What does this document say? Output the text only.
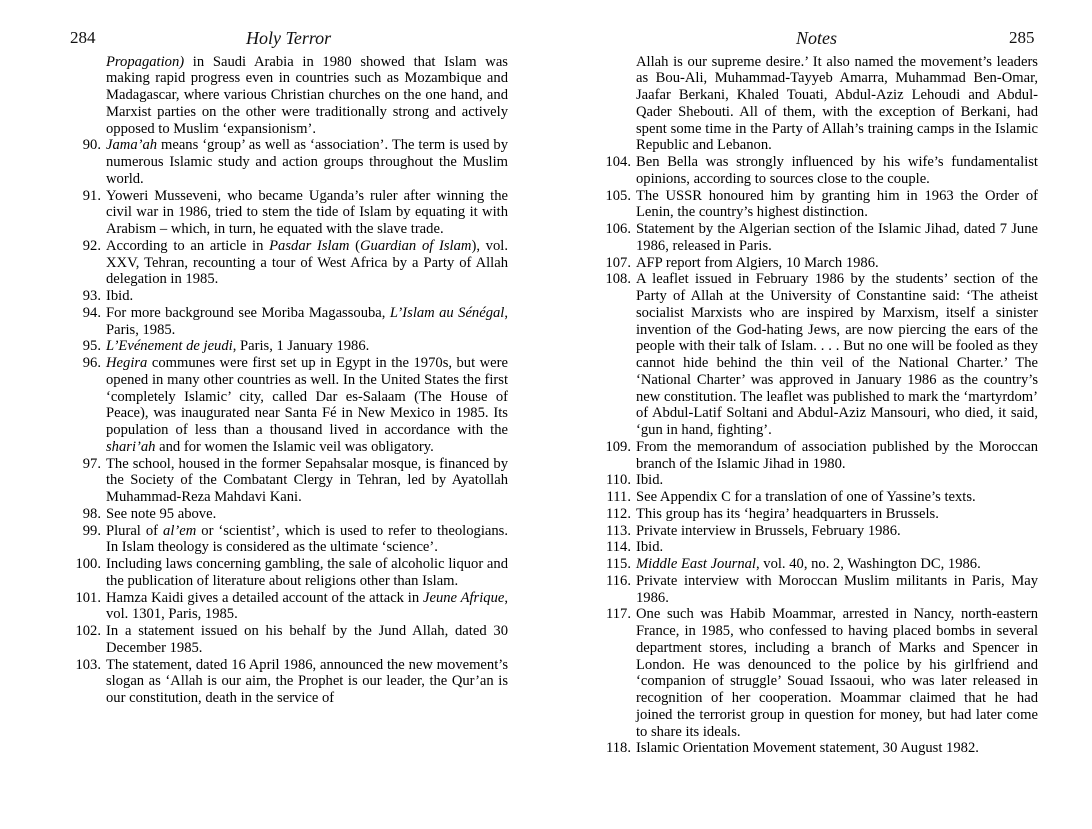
284	Holy Terror	Notes	285

Propagation) in Saudi Arabia in 1980 showed that Islam was making rapid progress even in countries such as Mozambique and Madagascar, where various Christian churches on the one hand, and Marxist parties on the other were traditionally strong and actively opposed to Muslim ‘expansionism’.

90. Jama’ah means ‘group’ as well as ‘association’. The term is used by numerous Islamic study and action groups throughout the Muslim world.

91. Yoweri Musseveni, who became Uganda’s ruler after winning the civil war in 1986, tried to stem the tide of Islam by equating it with Arabism – which, in turn, he equated with the slave trade.

92. According to an article in Pasdar Islam (Guardian of Islam), vol. XXV, Tehran, recounting a tour of West Africa by a Party of Allah delegation in 1985.

93. Ibid.

94. For more background see Moriba Magassouba, L’Islam au Sénégal, Paris, 1985.

95. L’Evénement de jeudi, Paris, 1 January 1986.

96. Hegira communes were first set up in Egypt in the 1970s, but were opened in many other countries as well. In the United States the first ‘completely Islamic’ city, called Dar es-Salaam (The House of Peace), was inaugurated near Santa Fé in New Mexico in 1985. Its population of less than a thousand lived in accordance with the shari’ah and for women the Islamic veil was obligatory.

97. The school, housed in the former Sepahsalar mosque, is financed by the Society of the Combatant Clergy in Tehran, led by Ayatollah Muhammad-Reza Mahdavi Kani.

98. See note 95 above.

99. Plural of al’em or ‘scientist’, which is used to refer to theologians. In Islam theology is considered as the ultimate ‘science’.

100. Including laws concerning gambling, the sale of alcoholic liquor and the publication of literature about religions other than Islam.

101. Hamza Kaidi gives a detailed account of the attack in Jeune Afrique, vol. 1301, Paris, 1985.

102. In a statement issued on his behalf by the Jund Allah, dated 30 December 1985.

103. The statement, dated 16 April 1986, announced the new movement’s slogan as ‘Allah is our aim, the Prophet is our leader, the Qur’an is our constitution, death in the service of

Allah is our supreme desire.’ It also named the movement’s leaders as Bou-Ali, Muhammad-Tayyeb Amarra, Muhammad Ben-Omar, Jaafar Berkani, Khaled Touati, Abdul-Aziz Lehoudi and Abdul-Qader Shebouti. All of them, with the exception of Berkani, had spent some time in the Party of Allah’s training camps in the Islamic Republic and Lebanon.

104. Ben Bella was strongly influenced by his wife’s fundamentalist opinions, according to sources close to the couple.

105. The USSR honoured him by granting him in 1963 the Order of Lenin, the country’s highest distinction.

106. Statement by the Algerian section of the Islamic Jihad, dated 7 June 1986, released in Paris.

107. AFP report from Algiers, 10 March 1986.

108. A leaflet issued in February 1986 by the students’ section of the Party of Allah at the University of Constantine said: ‘The atheist socialist Marxists who are inspired by Marxism, itself a sinister invention of the God-hating Jews, are now piercing the ears of the people with their talk of Islam. . . . But no one will be fooled as they cannot hide behind the thin veil of the National Charter.’ The ‘National Charter’ was approved in January 1986 as the country’s new constitution. The leaflet was published to mark the ‘martyrdom’ of Abdul-Latif Soltani and Abdul-Aziz Mansouri, who died, it said, ‘gun in hand, fighting’.

109. From the memorandum of association published by the Moroccan branch of the Islamic Jihad in 1980.

110. Ibid.

111. See Appendix C for a translation of one of Yassine’s texts.

112. This group has its ‘hegira’ headquarters in Brussels.

113. Private interview in Brussels, February 1986.

114. Ibid.

115. Middle East Journal, vol. 40, no. 2, Washington DC, 1986.

116. Private interview with Moroccan Muslim militants in Paris, May 1986.

117. One such was Habib Moammar, arrested in Nancy, north-eastern France, in 1985, who confessed to having placed bombs in several department stores, including a branch of Marks and Spencer in London. He was denounced to the police by his girlfriend and ‘companion of struggle’ Souad Issaoui, who was later released in recognition of her cooperation. Moammar claimed that he had joined the terrorist group in question for money, but had later come to share its ideals.

118. Islamic Orientation Movement statement, 30 August 1982.
